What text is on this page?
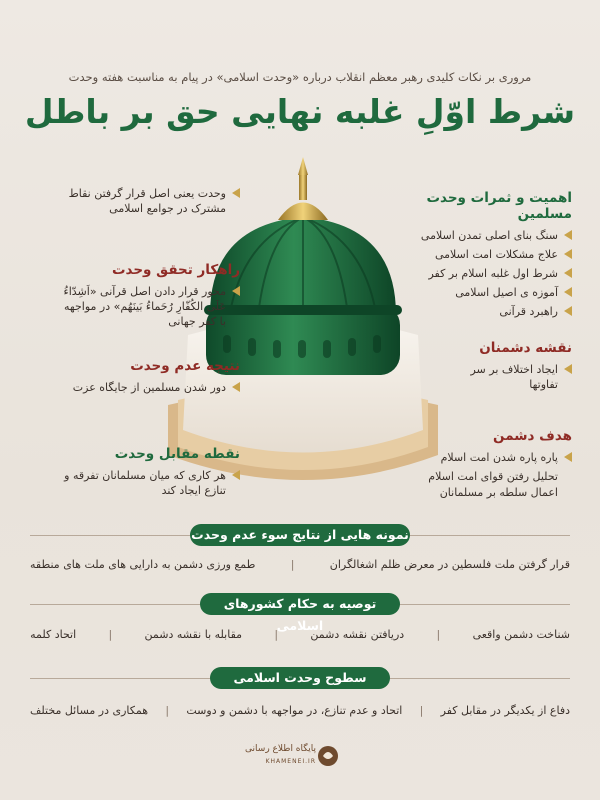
مروری بر نکات کلیدی رهبر معظم انقلاب درباره «وحدت اسلامی» در پیام به مناسبت هفته وحدت
شرط اوّلِ غلبه نهایی حق بر باطل
اهمیت و ثمرات وحدت مسلمین
سنگ بنای اصلی تمدن اسلامی
علاج مشکلات امت اسلامی
شرط اول غلبه اسلام بر کفر
آموزه ی اصیل اسلامی
راهبرد قرآنی
نقشه دشمنان
ایجاد اختلاف بر سر تفاوتها
هدف دشمن
پاره پاره شدن امت اسلام
تحلیل رفتن قوای امت اسلام
اعمال سلطه بر مسلمانان
وحدت یعنی اصل قرار گرفتن نقاط مشترک در جوامع اسلامی
راهکار تحقق وحدت
محور قرار دادن اصل قرآنی «اَشِدّاءُ عَلَی الکُفّارِ رُحَماءُ بَینَهُم» در مواجهه با کفر جهانی
نتیجه عدم وحدت
دور شدن مسلمین از جایگاه عزت
نقطه مقابل وحدت
هر کاری که میان مسلمانان تفرقه و تنازع ایجاد کند
نمونه هایی از نتایج سوء عدم وحدت
قرار گرفتن ملت فلسطین در معرض ظلم اشغالگران
|
طمع ورزی دشمن به دارایی های ملت های منطقه
توصیه به حکام کشورهای اسلامی
شناخت دشمن واقعی
|
دریافتن نقشه دشمن
|
مقابله با نقشه دشمن
|
اتحاد کلمه
سطوح وحدت اسلامی
دفاع از یکدیگر در مقابل کفر
|
اتحاد و عدم تنازع، در مواجهه با دشمن و دوست
|
همکاری در مسائل مختلف
پایگاه اطلاع رسانی
KHAMENEI.IR
